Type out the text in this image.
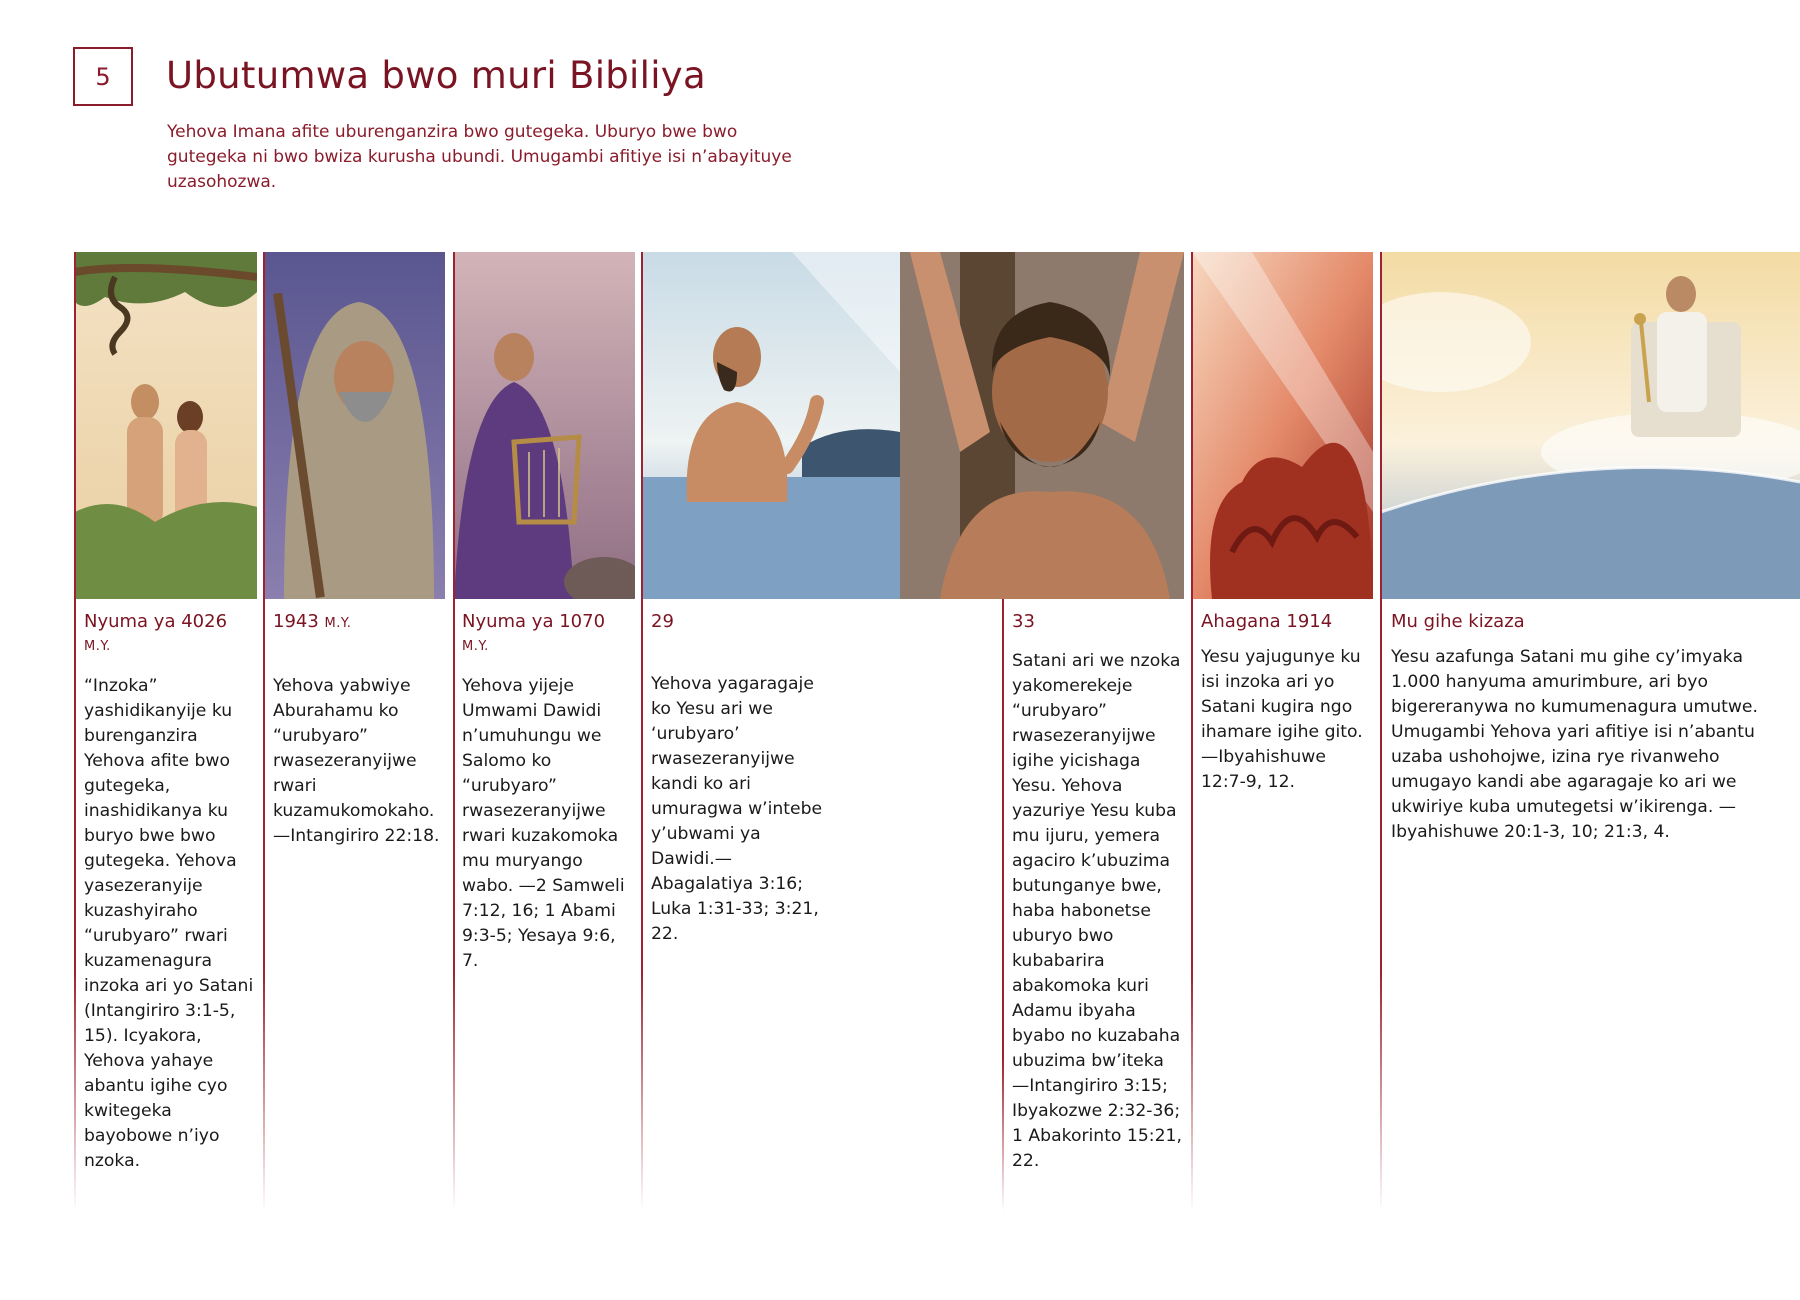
5 Ubutumwa bwo muri Bibiliya
Yehova Imana afite uburenganzira bwo gutegeka. Uburyo bwe bwo gutegeka ni bwo bwiza kurusha ubundi. Umugambi afitiye isi n’abayituye uzasohozwa.
Nyuma ya 4026 M.Y.
“Inzoka” yashidikanyije ku burenganzira Yehova afite bwo gutegeka, inashidikanya ku buryo bwe bwo gutegeka. Yehova yasezeranyije kuzashyiraho “urubyaro” rwari kuzamenagura inzoka ari yo Satani (Intangiriro 3:1-5, 15). Icyakora, Yehova yahaye abantu igihe cyo kwitegeka bayobowe n’iyo nzoka.
1943 M.Y.
Yehova yabwiye Aburahamu ko “urubyaro” rwasezeranyijwe rwari kuzamukomokaho. —Intangiriro 22:18.
Nyuma ya 1070 M.Y.
Yehova yijeje Umwami Dawidi n’umuhungu we Salomo ko “urubyaro” rwasezeranyijwe rwari kuzakomoka mu muryango wabo. —2 Samweli 7:12, 16; 1 Abami 9:3-5; Yesaya 9:6, 7.
29
Yehova yagaragaje ko Yesu ari we ‘urubyaro’ rwasezeranyijwe kandi ko ari umuragwa w’intebe y’ubwami ya Dawidi.—Abagalatiya 3:16; Luka 1:31-33; 3:21, 22.
33
Satani ari we nzoka yakomerekeje “urubyaro” rwasezeranyijwe igihe yicishaga Yesu. Yehova yazuriye Yesu kuba mu ijuru, yemera agaciro k’ubuzima butunganye bwe, haba habonetse uburyo bwo kubabarira abakomoka kuri Adamu ibyaha byabo no kuzabaha ubuzima bw’iteka —Intangiriro 3:15; Ibyakozwe 2:32-36; 1 Abakorinto 15:21, 22.
Ahagana 1914
Yesu yajugunye ku isi inzoka ari yo Satani kugira ngo ihamare igihe gito. —Ibyahishuwe 12:7-9, 12.
Mu gihe kizaza
Yesu azafunga Satani mu gihe cy’imyaka 1.000 hanyuma amurimbure, ari byo bigereranywa no kumumenagura umutwe. Umugambi Yehova yari afitiye isi n’abantu uzaba ushohojwe, izina rye rivanweho umugayo kandi abe agaragaje ko ari we ukwiriye kuba umutegetsi w’ikirenga. —Ibyahishuwe 20:1-3, 10; 21:3, 4.
